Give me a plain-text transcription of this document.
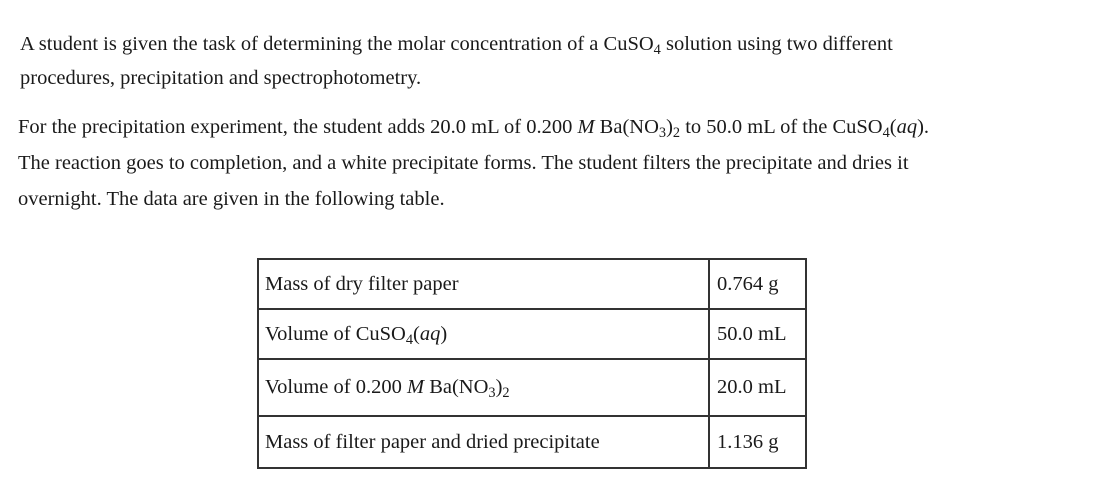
A student is given the task of determining the molar concentration of a CuSO$_4$ solution using two different
procedures, precipitation and spectrophotometry.

For the precipitation experiment, the student adds 20.0 mL of 0.200 M $Ba(NO_3)_2$ to 50.0 mL of the CuSO$_4$(aq).
The reaction goes to completion, and a white precipitate forms. The student filters the precipitate and dries it
overnight. The data are given in the following table.

Mass of dry filter paper	0.764 g
Volume of CuSO$_4$(aq)	50.0 mL
Volume of 0.200 M $Ba(NO_3)_2$	20.0 mL
Mass of filter paper and dried precipitate	1.136 g
